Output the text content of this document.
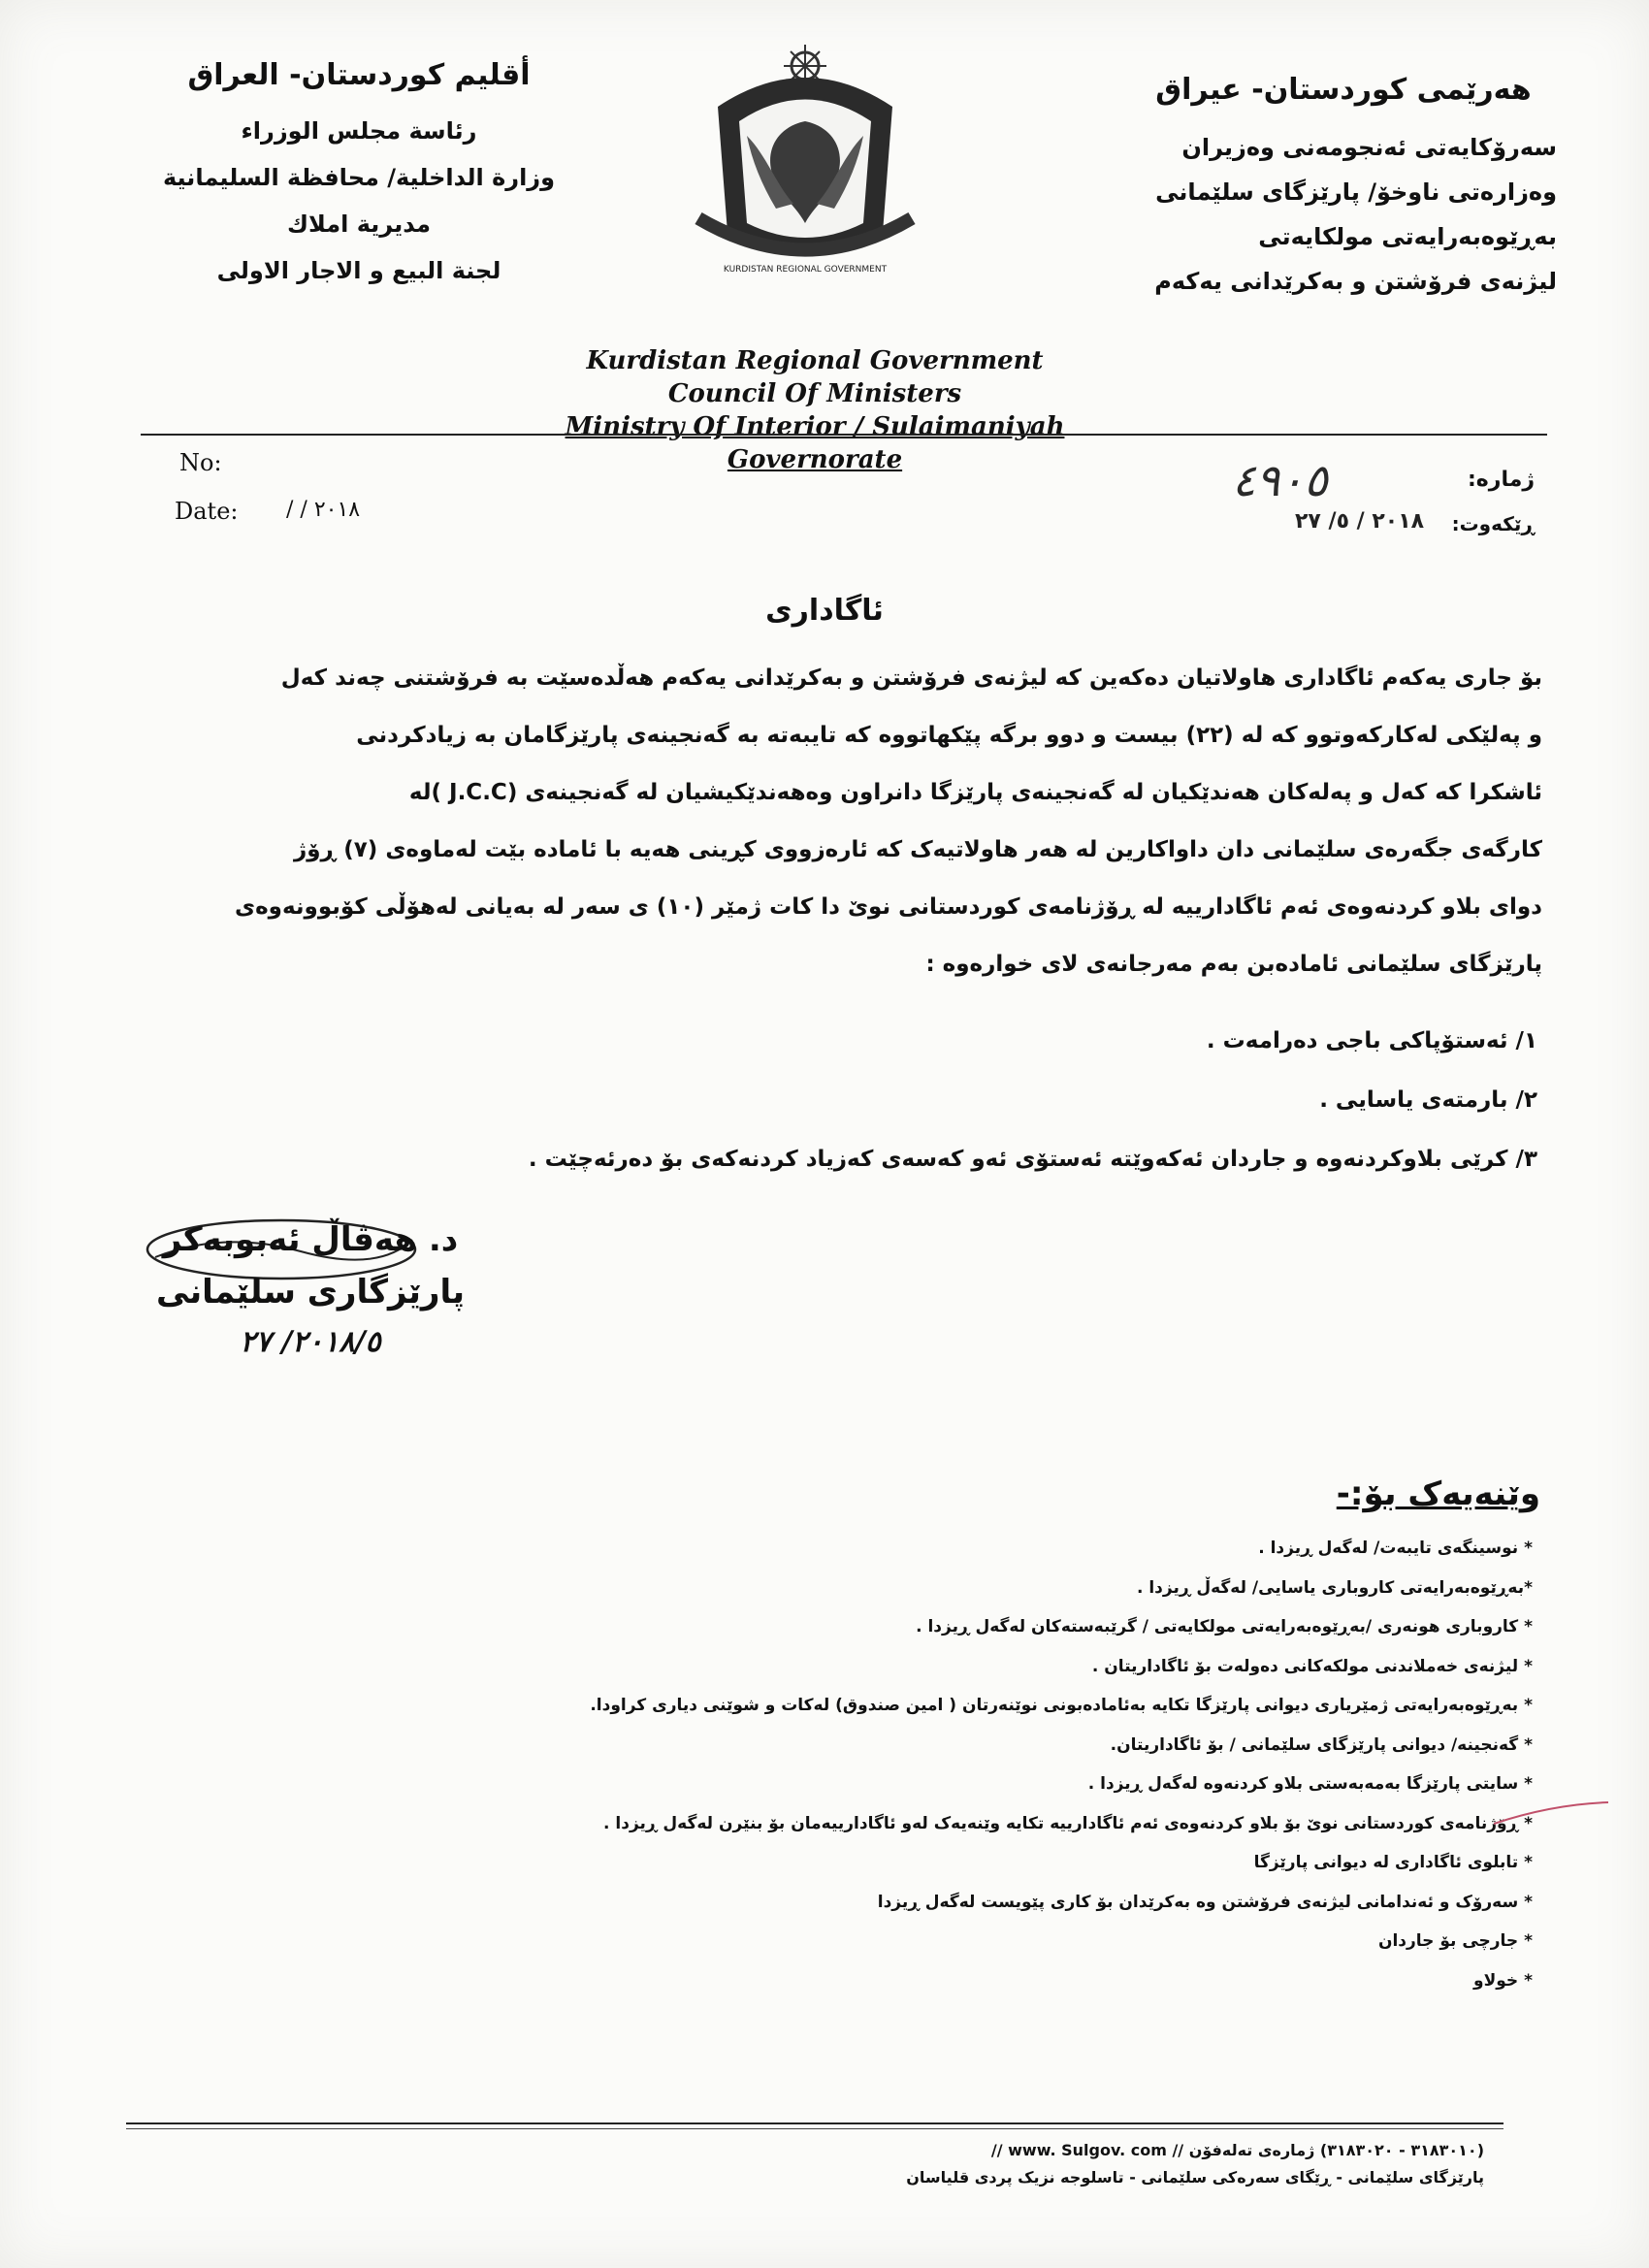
أقليم كوردستان- العراق
رئاسة مجلس الوزراء
وزارة الداخلية/ محافظة السليمانية
مديرية املاك
لجنة البيع و الاجار الاولى	KURDISTAN REGIONAL GOVERNMENT
هەرێمی کوردستان- عیراق
سەرۆکایەتی ئەنجومەنی وەزیران
وەزارەتی ناوخۆ/ پارێزگای سلێمانی
بەڕێوەبەرایەتی مولکایەتی
لیژنەی فرۆشتن و بەکرێدانی یەکەم
Kurdistan Regional Government
Council Of Ministers
Ministry Of Interior / Sulaimaniyah Governorate
No:
Date: / / ٢٠١٨
ژمارە:
ڕێکەوت:
٤٩٠٥
٢٠١٨ / ٥/ ٢٧
ئاگاداری

بۆ جاری یەکەم ئاگاداری هاولاتیان دەکەین کە لیژنەی فرۆشتن و بەکرێدانی یەکەم هەڵدەسێت بە فرۆشتنی چەند کەل

و پەلێکی لەکارکەوتوو کە لە (٢٢) بیست و دوو برگە پێکهاتووە کە تایبەتە بە گەنجینەی پارێزگامان بە زیادکردنی

ئاشکرا کە کەل و پەلەکان هەندێکیان لە گەنجینەی پارێزگا دانراون وەهەندێکیشیان لە گەنجینەی (J.C.C )لە

کارگەی جگەرەی سلێمانی دان داواکارین لە هەر هاولاتیەک کە ئارەزووی کڕینی هەیە با ئامادە بێت لەماوەی (٧) ڕۆژ

دوای بلاو کردنەوەی ئەم ئاگادارییە لە ڕۆژنامەی کوردستانی نوێ دا کات ژمێر (١٠) ی سەر لە بەیانی لەهۆڵی کۆبوونەوەی

پارێزگای سلێمانی ئامادەبن بەم مەرجانەی لای خوارەوە :

١/ ئەستۆپاکی باجی دەرامەت .
٢/ بارمتەی یاسایی .
٣/ کرێی بلاوکردنەوە و جاردان ئەکەوێتە ئەستۆی ئەو کەسەی کەزیاد کردنەکەی بۆ دەرئەچێت .
د. هەڤاڵ ئەبوبەکر
پارێزگاری سلێمانی
٢٠١٨/٥/ ٢٧
وێنەیەک بۆ:-
* نوسینگەی تایبەت/ لەگەل ڕیزدا .
*بەڕێوەبەرایەتی کاروباری یاسایی/ لەگەڵ ڕیزدا .
* کاروباری هونەری /بەڕێوەبەرایەتی مولکایەتی / گرێبەستەکان لەگەل ڕیزدا .
* لیژنەی خەملاندنی مولکەکانی دەولەت بۆ ئاگاداریتان .
* بەڕێوەبەرایەتی ژمێریاری دیوانی پارێزگا تکایە بەئامادەبونی نوێنەرتان ( امین صندوق) لەکات و شوێنی دیاری کراودا.
* گەنجینە/ دیوانی پارێزگای سلێمانی / بۆ ئاگاداریتان.
* سایتی پارێزگا بەمەبەستی بلاو کردنەوە لەگەل ڕیزدا .
* ڕۆژنامەی کوردستانی نوێ بۆ بلاو کردنەوەی ئەم ئاگادارییە تکایە وێنەیەک لەو ئاگادارییەمان بۆ بنێرن لەگەل ڕیزدا .
* تابلوی ئاگاداری لە دیوانی پارێزگا
* سەرۆک و ئەندامانی لیژنەی فرۆشتن وە بەکرێدان بۆ کاری پێویست لەگەل ڕیزدا
* جارچی بۆ جاردان
* خولاو
(٣١٨٣٠١٠ - ٣١٨٣٠٢٠) ژمارەی تەلەفۆن // www. Sulgov. com //
پارێزگای سلێمانی - ڕێگای سەرەکی سلێمانی - تاسلوجە نزیک پردی قلیاسان
